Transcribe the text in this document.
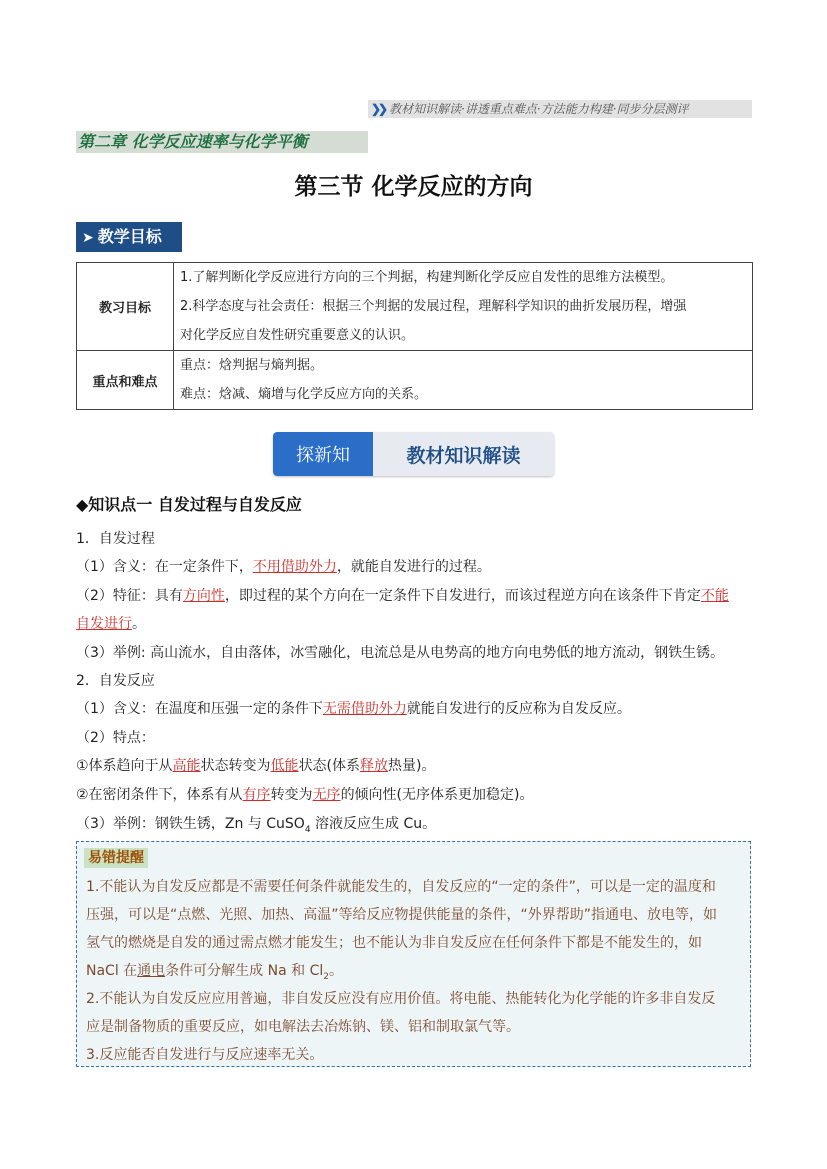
❯❯ 教材知识解读·讲透重点难点·方法能力构建·同步分层测评
第二章 化学反应速率与化学平衡
第三节 化学反应的方向
➤ 教学目标
教习目标	1.了解判断化学反应进行方向的三个判据，构建判断化学反应自发性的思维方法模型。
2.科学态度与社会责任：根据三个判据的发展过程，理解科学知识的曲折发展历程，增强
对化学反应自发性研究重要意义的认识。

重点和难点	重点：焓判据与熵判据。
难点：焓减、熵增与化学反应方向的关系。
探新知	教材知识解读
◆知识点一 自发过程与自发反应
1．自发过程
（1）含义：在一定条件下，不用借助外力，就能自发进行的过程。
（2）特征：具有方向性，即过程的某个方向在一定条件下自发进行，而该过程逆方向在该条件下肯定不能
自发进行。
（3）举例: 高山流水，自由落体，冰雪融化，电流总是从电势高的地方向电势低的地方流动，钢铁生锈。
2．自发反应
（1）含义：在温度和压强一定的条件下无需借助外力就能自发进行的反应称为自发反应。
（2）特点：
①体系趋向于从高能状态转变为低能状态(体系释放热量)。
②在密闭条件下，体系有从有序转变为无序的倾向性(无序体系更加稳定)。
（3）举例：钢铁生锈，Zn 与 CuSO$_4$ 溶液反应生成 Cu。
易错提醒
1.不能认为自发反应都是不需要任何条件就能发生的，自发反应的“一定的条件”，可以是一定的温度和
压强，可以是“点燃、光照、加热、高温”等给反应物提供能量的条件，“外界帮助”指通电、放电等，如
氢气的燃烧是自发的通过需点燃才能发生；也不能认为非自发反应在任何条件下都是不能发生的，如
NaCl 在通电条件可分解生成 Na 和 $Cl_2$。
2.不能认为自发反应应用普遍，非自发反应没有应用价值。将电能、热能转化为化学能的许多非自发反
应是制备物质的重要反应，如电解法去冶炼钠、镁、铝和制取氯气等。
3.反应能否自发进行与反应速率无关。
